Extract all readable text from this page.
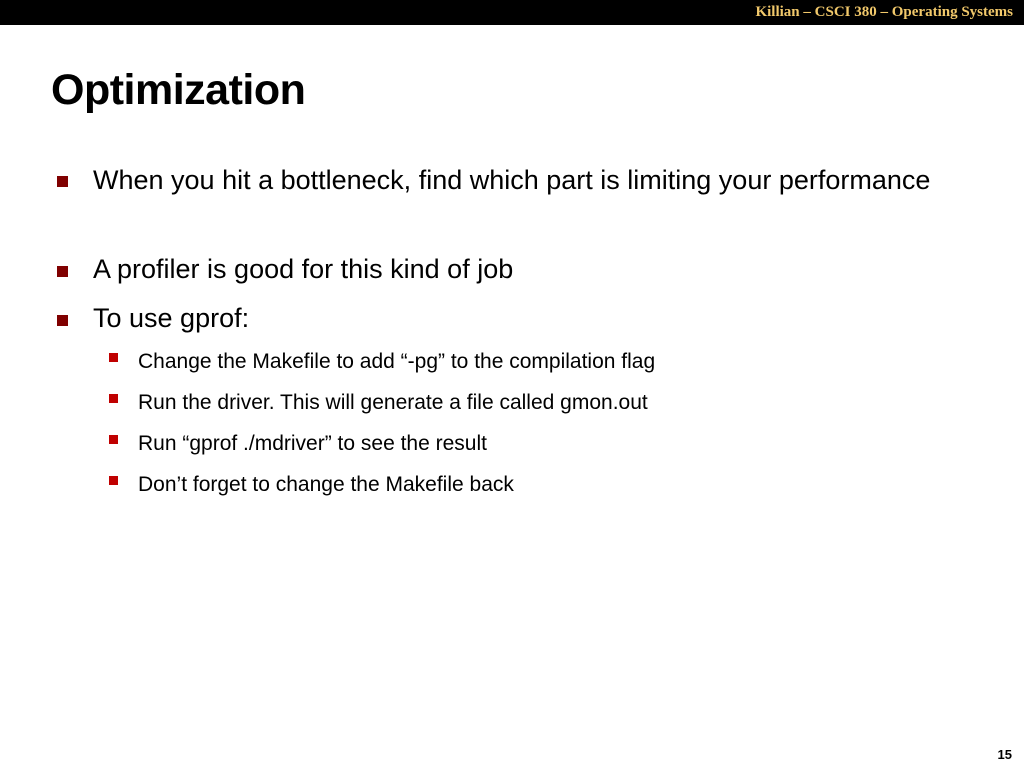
Killian – CSCI 380 – Operating Systems
Optimization
When you hit a bottleneck, find which part is limiting your performance
A profiler is good for this kind of job
To use gprof:
Change the Makefile to add “-pg” to the compilation flag
Run the driver. This will generate a file called gmon.out
Run “gprof ./mdriver” to see the result
Don’t forget to change the Makefile back
15
